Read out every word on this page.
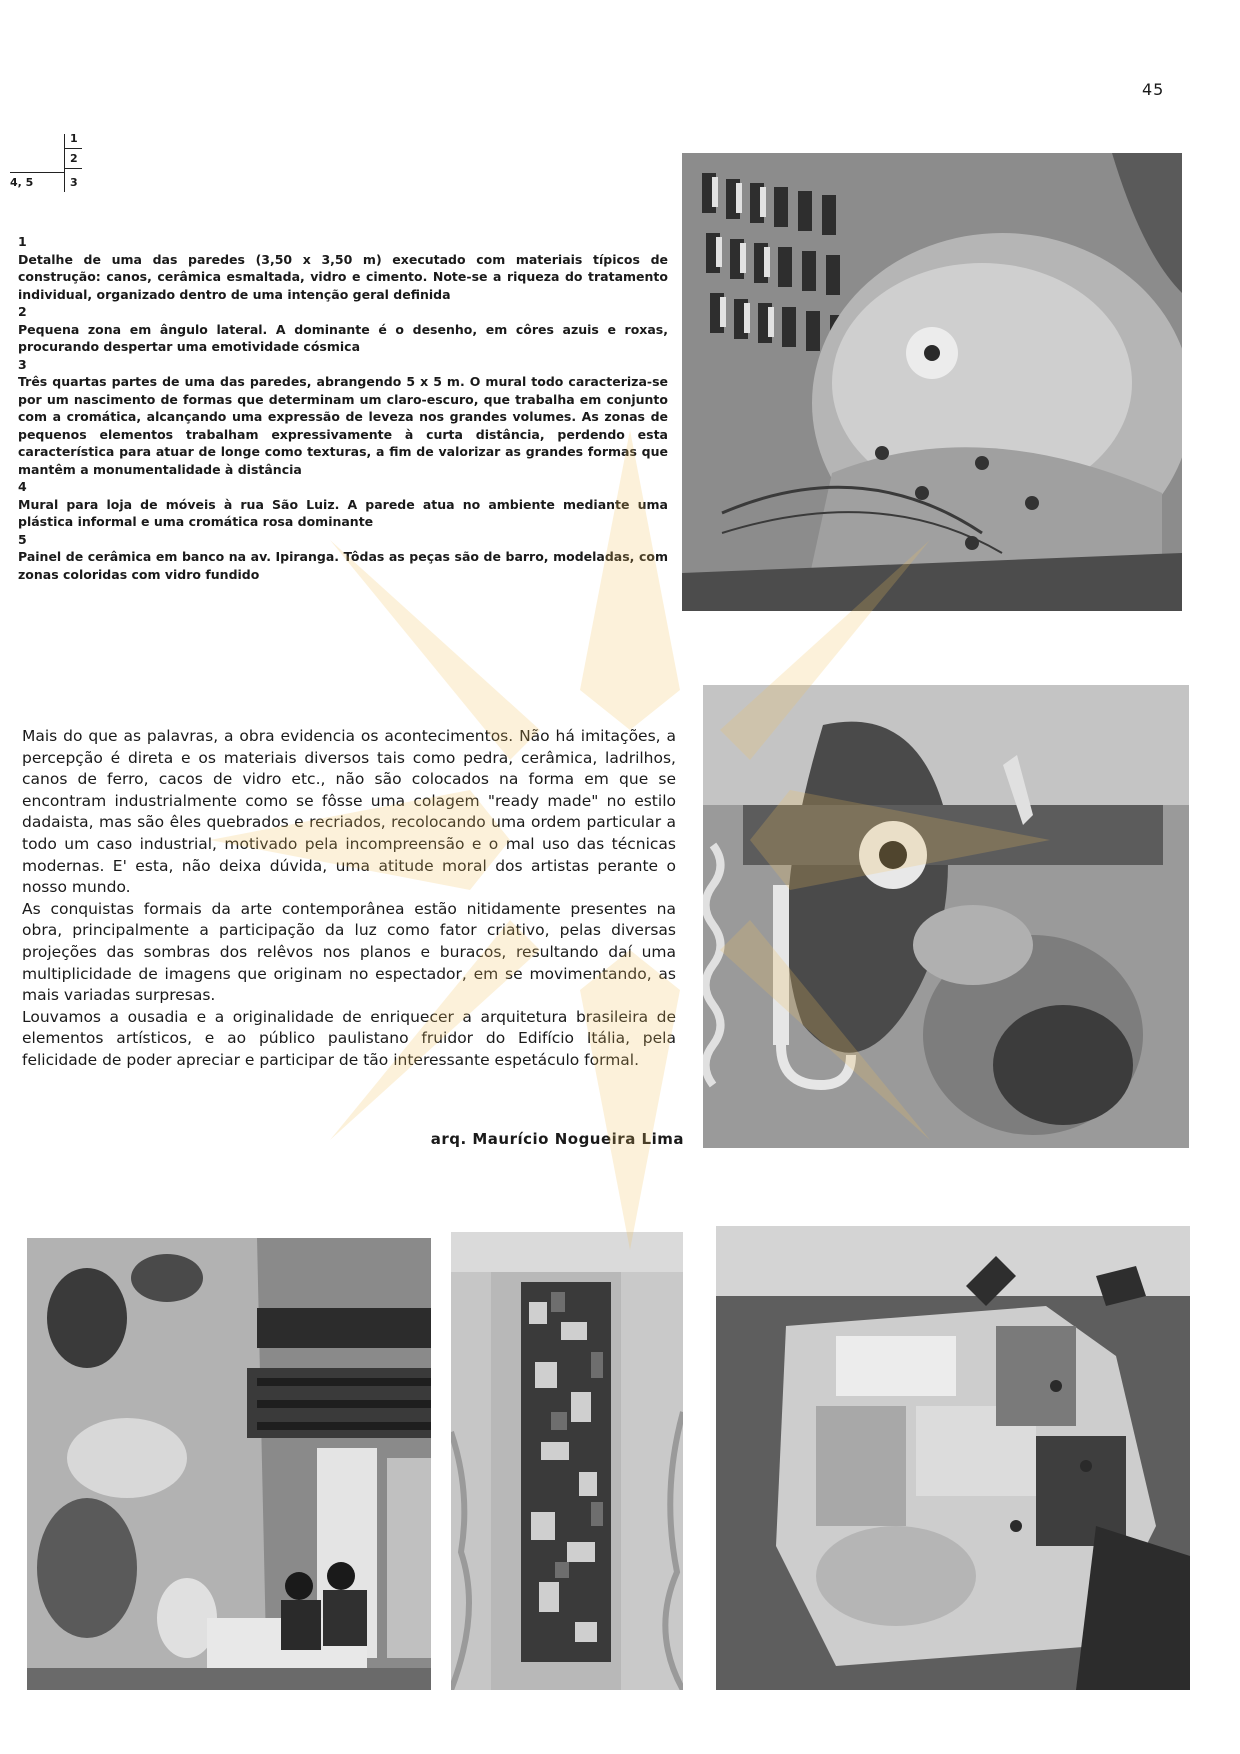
45
1
2
4, 5	3
1
Detalhe de uma das paredes (3,50 x 3,50 m) executado com materiais típicos de construção: canos, cerâmica esmaltada, vidro e cimento. Note-se a riqueza do tratamento individual, organizado dentro de uma intenção geral definida
2
Pequena zona em ângulo lateral. A dominante é o desenho, em côres azuis e roxas, procurando despertar uma emotividade cósmica
3
Três quartas partes de uma das paredes, abrangendo 5 x 5 m. O mural todo caracteriza-se por um nascimento de formas que determinam um claro-escuro, que trabalha em conjunto com a cromática, alcançando uma expressão de leveza nos grandes volumes. As zonas de pequenos elementos trabalham expressivamente à curta distância, perdendo esta característica para atuar de longe como texturas, a fim de valorizar as grandes formas que mantêm a monumentalidade à distância
4
Mural para loja de móveis à rua São Luiz. A parede atua no ambiente mediante uma plástica informal e uma cromática rosa dominante
5
Painel de cerâmica em banco na av. Ipiranga. Tôdas as peças são de barro, modeladas, com zonas coloridas com vidro fundido

Mais do que as palavras, a obra evidencia os acontecimentos. Não há imitações, a percepção é direta e os materiais diversos tais como pedra, cerâmica, ladrilhos, canos de ferro, cacos de vidro etc., não são colocados na forma em que se encontram industrialmente como se fôsse uma colagem "ready made" no estilo dadaista, mas são êles quebrados e recriados, recolocando uma ordem particular a todo um caso industrial, motivado pela incompreensão e o mal uso das técnicas modernas. E' esta, não deixa dúvida, uma atitude moral dos artistas perante o nosso mundo.

As conquistas formais da arte contemporânea estão nitidamente presentes na obra, principalmente a participação da luz como fator criativo, pelas diversas projeções das sombras dos relêvos nos planos e buracos, resultando daí uma multiplicidade de imagens que originam no espectador, em se movimentando, as mais variadas surpresas.

Louvamos a ousadia e a originalidade de enriquecer a arquitetura brasileira de elementos artísticos, e ao público paulistano fruidor do Edifício Itália, pela felicidade de poder apreciar e participar de tão interessante espetáculo formal.

arq. Maurício Nogueira Lima
